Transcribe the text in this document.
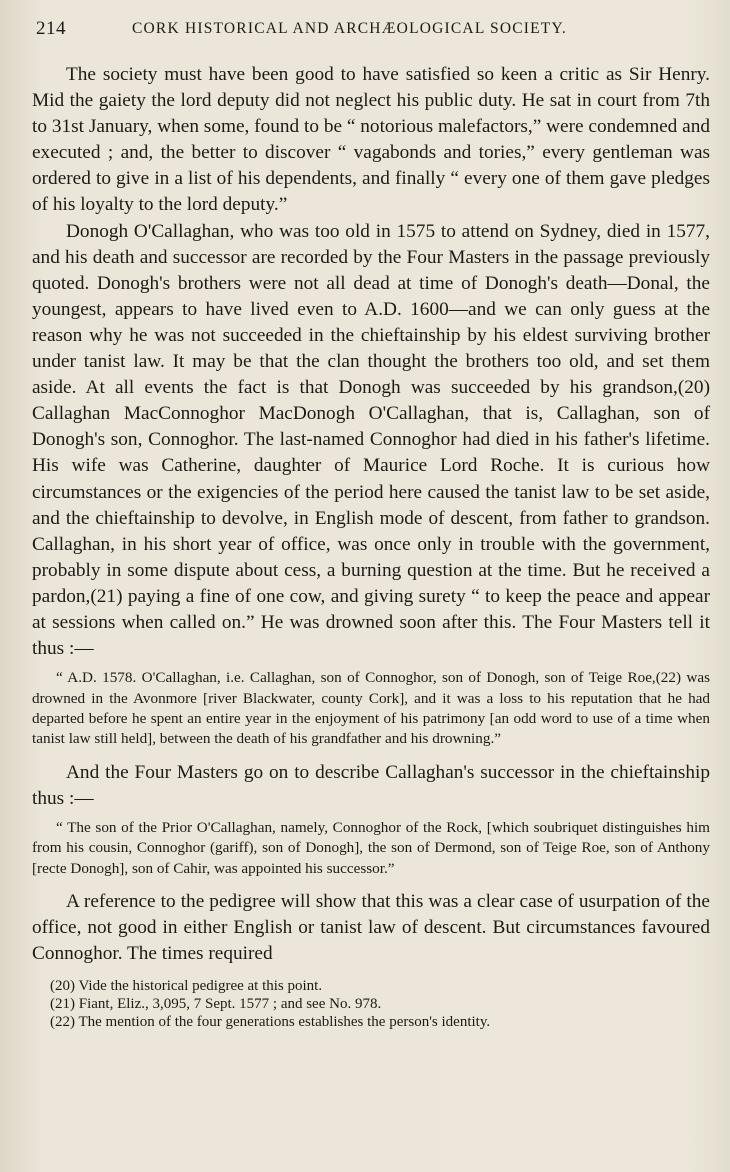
214	CORK HISTORICAL AND ARCHÆOLOGICAL SOCIETY.

The society must have been good to have satisfied so keen a critic as Sir Henry. Mid the gaiety the lord deputy did not neglect his public duty. He sat in court from 7th to 31st January, when some, found to be “ notorious malefactors,” were condemned and executed ; and, the better to discover “ vagabonds and tories,” every gentleman was ordered to give in a list of his dependents, and finally “ every one of them gave pledges of his loyalty to the lord deputy.”

Donogh O'Callaghan, who was too old in 1575 to attend on Sydney, died in 1577, and his death and successor are recorded by the Four Masters in the passage previously quoted. Donogh's brothers were not all dead at time of Donogh's death—Donal, the youngest, appears to have lived even to A.D. 1600—and we can only guess at the reason why he was not succeeded in the chieftainship by his eldest surviving brother under tanist law. It may be that the clan thought the brothers too old, and set them aside. At all events the fact is that Donogh was succeeded by his grandson,(20) Callaghan MacConnoghor MacDonogh O'Callaghan, that is, Callaghan, son of Donogh's son, Connoghor. The last-named Connoghor had died in his father's lifetime. His wife was Catherine, daughter of Maurice Lord Roche. It is curious how circumstances or the exigencies of the period here caused the tanist law to be set aside, and the chieftainship to devolve, in English mode of descent, from father to grandson. Callaghan, in his short year of office, was once only in trouble with the government, probably in some dispute about cess, a burning question at the time. But he received a pardon,(21) paying a fine of one cow, and giving surety “ to keep the peace and appear at sessions when called on.” He was drowned soon after this. The Four Masters tell it thus :—

“ A.D. 1578. O'Callaghan, i.e. Callaghan, son of Connoghor, son of Donogh, son of Teige Roe,(22) was drowned in the Avonmore [river Blackwater, county Cork], and it was a loss to his reputation that he had departed before he spent an entire year in the enjoyment of his patrimony [an odd word to use of a time when tanist law still held], between the death of his grandfather and his drowning.”

And the Four Masters go on to describe Callaghan's successor in the chieftainship thus :—

“ The son of the Prior O'Callaghan, namely, Connoghor of the Rock, [which soubriquet distinguishes him from his cousin, Connoghor (gariff), son of Donogh], the son of Dermond, son of Teige Roe, son of Anthony [recte Donogh], son of Cahir, was appointed his successor.”

A reference to the pedigree will show that this was a clear case of usurpation of the office, not good in either English or tanist law of descent. But circumstances favoured Connoghor. The times required

(20) Vide the historical pedigree at this point.

(21) Fiant, Eliz., 3,095, 7 Sept. 1577 ; and see No. 978.

(22) The mention of the four generations establishes the person's identity.
